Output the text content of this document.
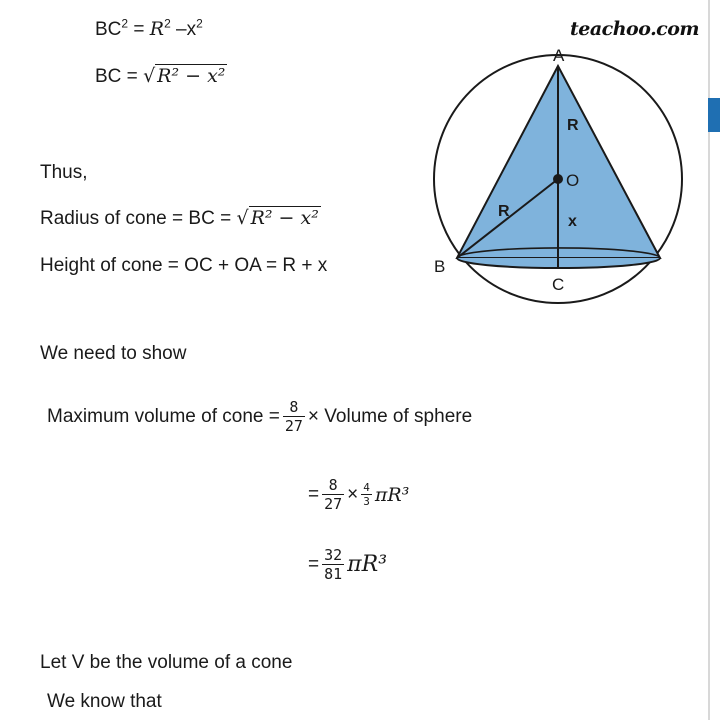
teachoo.com
$BC^2 = R^2$ $-x^2$
BC = √ R² − x²
Thus,
Radius of cone = BC = √ R² − x²
Height of cone = OC + OA = R + x
We need to show
Maximum volume of cone = $\frac{8}{27}$ × Volume of sphere
= $\frac{8}{27} \times \frac{4}{3} \pi R^3$
= $\frac{32}{81} \pi R^3$
Let V be the volume of a cone
We know that
A
B
C
O
R
R
x
